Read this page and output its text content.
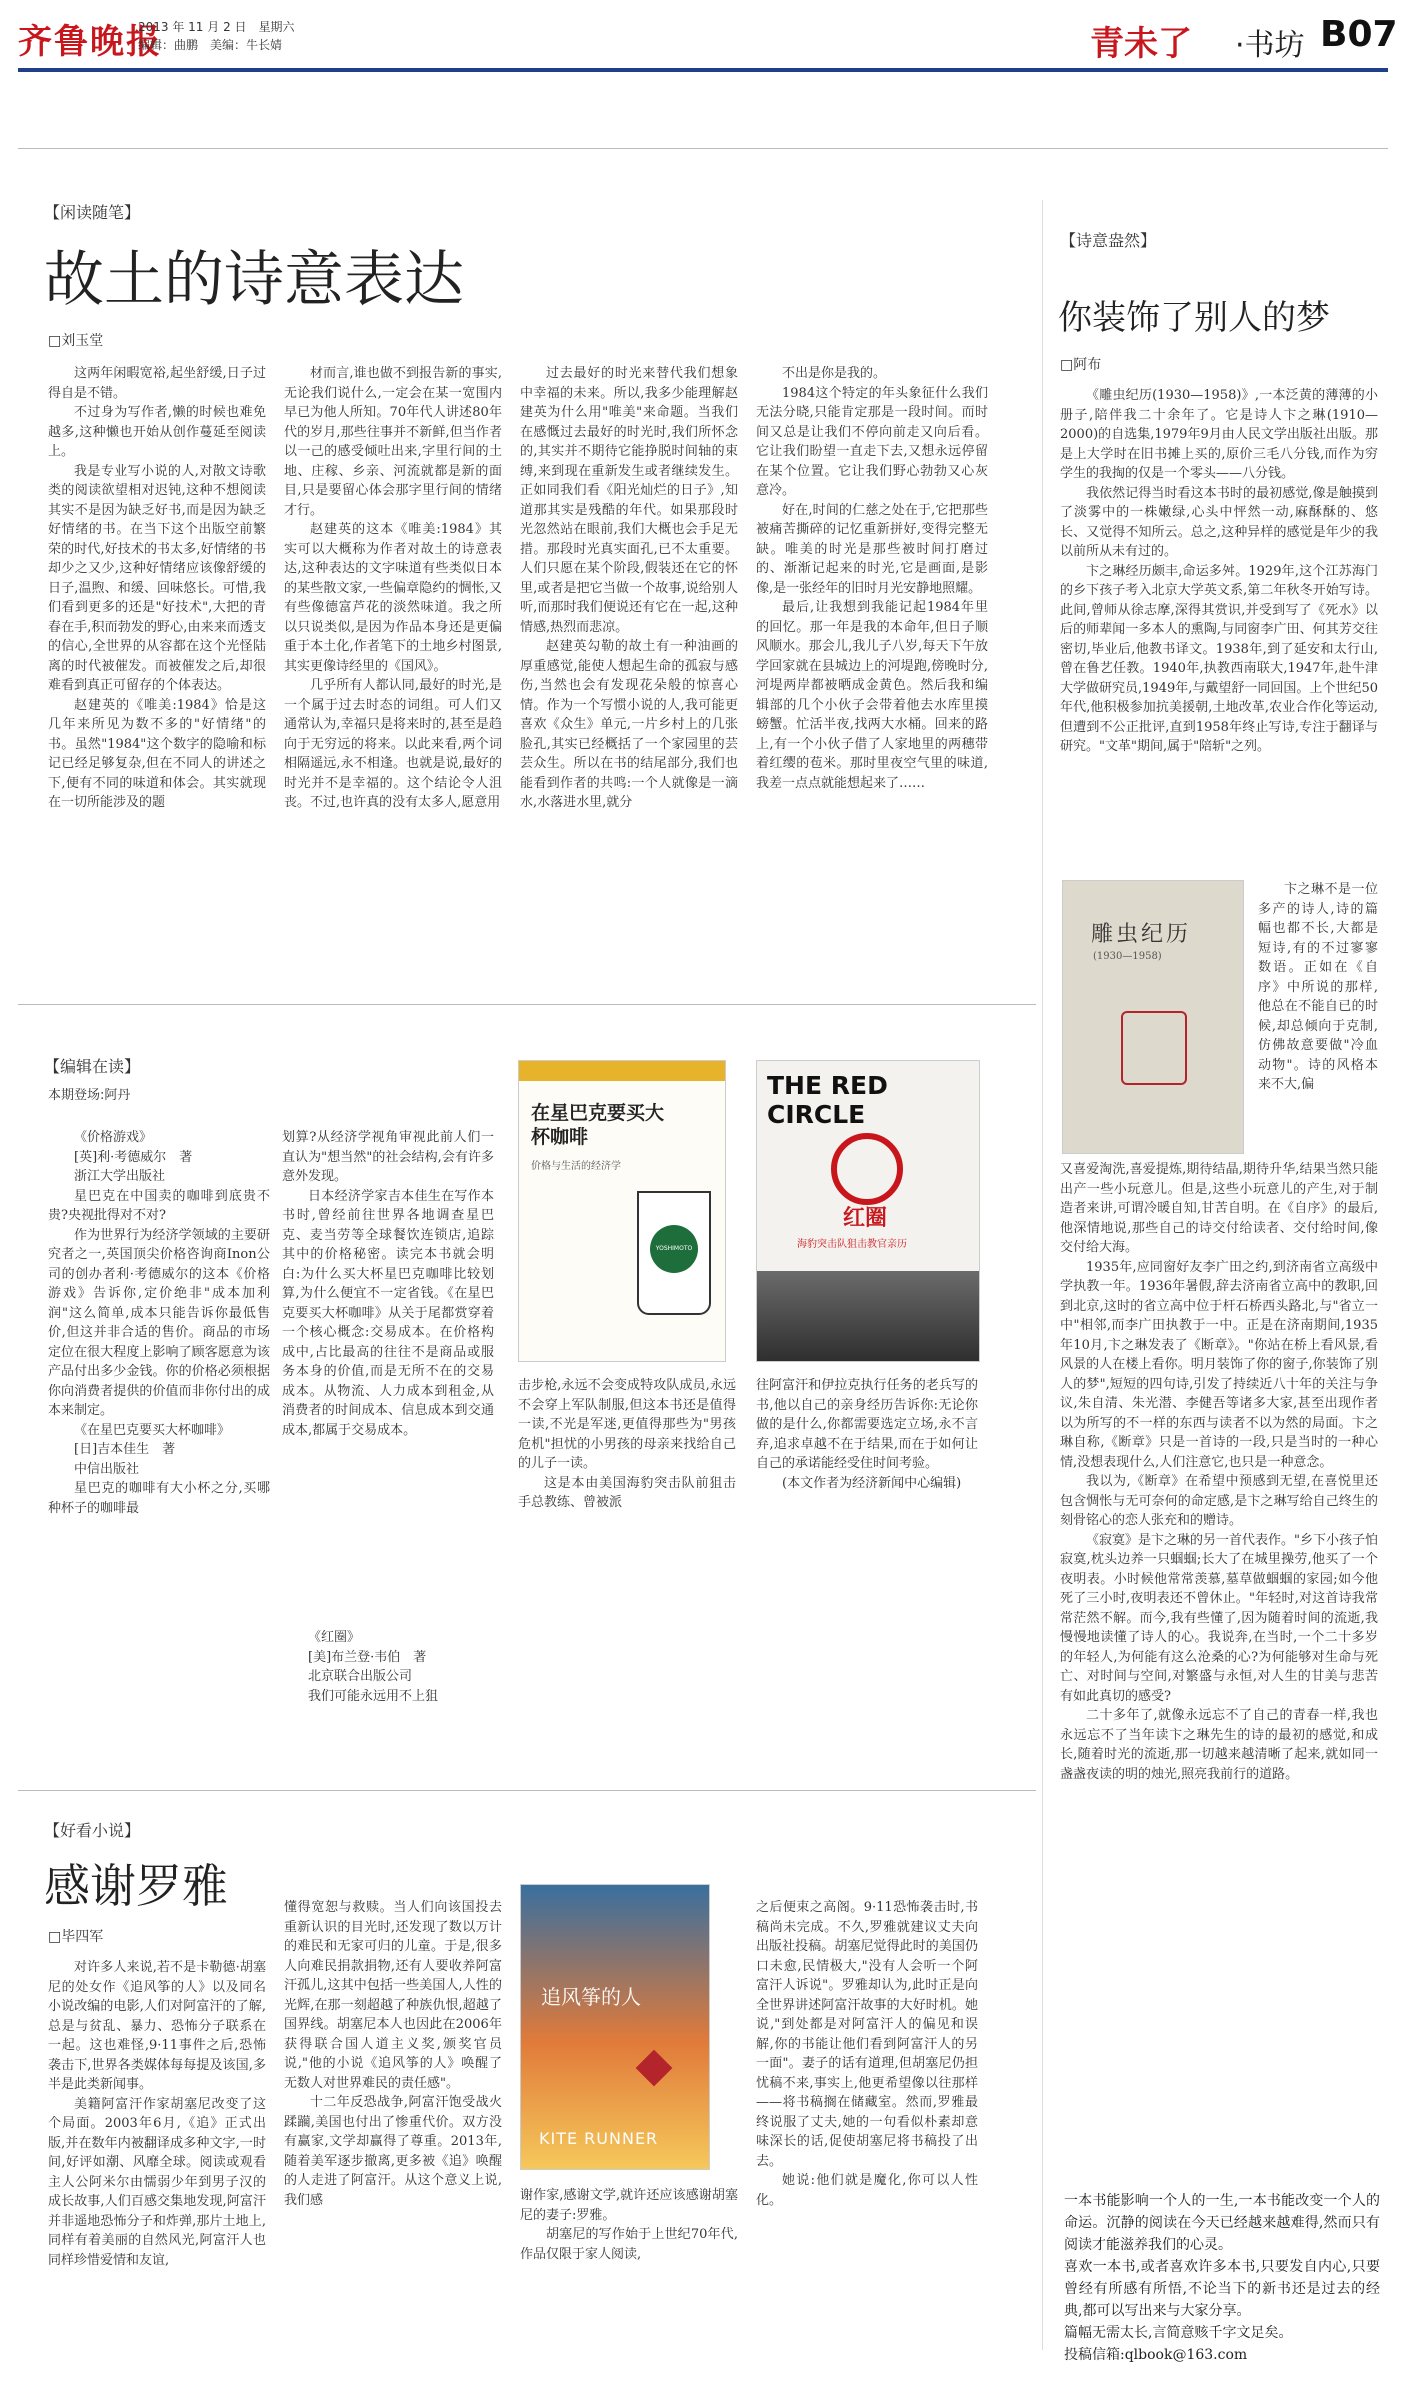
齐鲁晚报
2013 年 11 月 2 日　星期六
编辑：曲鹏　美编：牛长婧	青未了 ·书坊 B07
【闲读随笔】
故土的诗意表达
□刘玉堂

这两年闲暇宽裕,起坐舒缓,日子过得自是不错。

不过身为写作者,懒的时候也难免越多,这种懒也开始从创作蔓延至阅读上。

我是专业写小说的人,对散文诗歌类的阅读欲望相对迟钝,这种不想阅读其实不是因为缺乏好书,而是因为缺乏好情绪的书。在当下这个出版空前繁荣的时代,好技术的书太多,好情绪的书却少之又少,这种好情绪应该像舒缓的日子,温煦、和缓、回味悠长。可惜,我们看到更多的还是"好技术",大把的青春在手,积而勃发的野心,由来来而透支的信心,全世界的从容都在这个光怪陆离的时代被催发。而被催发之后,却很难看到真正可留存的个体表达。

赵建英的《唯美:1984》恰是这几年来所见为数不多的"好情绪"的书。虽然"1984"这个数字的隐喻和标记已经足够复杂,但在不同人的讲述之下,便有不同的味道和体会。其实就现在一切所能涉及的题

材而言,谁也做不到报告新的事实,无论我们说什么,一定会在某一宽围内早已为他人所知。70年代人讲述80年代的岁月,那些往事并不新鲜,但当作者以一己的感受倾吐出来,字里行间的土地、庄稼、乡亲、河流就都是新的面目,只是要留心体会那字里行间的情绪才行。

赵建英的这本《唯美:1984》其实可以大概称为作者对故土的诗意表达,这种表达的文字味道有些类似日本的某些散文家,一些偏章隐约的惆怅,又有些像德富芦花的淡然味道。我之所以只说类似,是因为作品本身还是更偏重于本土化,作者笔下的土地乡村图景,其实更像诗经里的《国风》。

几乎所有人都认同,最好的时光,是一个属于过去时态的词组。可人们又通常认为,幸福只是将来时的,甚至是趋向于无穷远的将来。以此来看,两个词相隔遥远,永不相逢。也就是说,最好的时光并不是幸福的。这个结论令人沮丧。不过,也许真的没有太多人,愿意用

过去最好的时光来替代我们想象中幸福的未来。所以,我多少能理解赵建英为什么用"唯美"来命题。当我们在感慨过去最好的时光时,我们所怀念的,其实并不期待它能挣脱时间轴的束缚,来到现在重新发生或者继续发生。正如同我们看《阳光灿烂的日子》,知道那其实是残酷的年代。如果那段时光忽然站在眼前,我们大概也会手足无措。那段时光真实面孔,已不太重要。人们只愿在某个阶段,假装还在它的怀里,或者是把它当做一个故事,说给别人听,而那时我们便说还有它在一起,这种情感,热烈而悲凉。

赵建英勾勒的故土有一种油画的厚重感觉,能使人想起生命的孤寂与感伤,当然也会有发现花朵般的惊喜心情。作为一个写惯小说的人,我可能更喜欢《众生》单元,一片乡村上的几张脸孔,其实已经概括了一个家园里的芸芸众生。所以在书的结尾部分,我们也能看到作者的共鸣:一个人就像是一滴水,水落进水里,就分

不出是你是我的。

1984这个特定的年头象征什么我们无法分晓,只能肯定那是一段时间。而时间又总是让我们不停向前走又向后看。它让我们盼望一直走下去,又想永远停留在某个位置。它让我们野心勃勃又心灰意冷。

好在,时间的仁慈之处在于,它把那些被痛苦撕碎的记忆重新拼好,变得完整无缺。唯美的时光是那些被时间打磨过的、渐渐记起来的时光,它是画面,是影像,是一张经年的旧时月光安静地照耀。

最后,让我想到我能记起1984年里的回忆。那一年是我的本命年,但日子顺风顺水。那会儿,我儿子八岁,每天下午放学回家就在县城边上的河堤跑,傍晚时分,河堤两岸都被晒成金黄色。然后我和编辑部的几个小伙子会带着他去水库里摸螃蟹。忙活半夜,找两大水桶。回来的路上,有一个小伙子借了人家地里的两穗带着红缨的苞米。那时里夜空气里的味道,我差一点点就能想起来了……

【诗意盎然】
你装饰了别人的梦
□阿布

《雕虫纪历(1930—1958)》,一本泛黄的薄薄的小册子,陪伴我二十余年了。它是诗人卞之琳(1910—2000)的自选集,1979年9月由人民文学出版社出版。那是上大学时在旧书摊上买的,原价三毛八分钱,而作为穷学生的我掏的仅是一个零头——八分钱。

我依然记得当时看这本书时的最初感觉,像是触摸到了淡雾中的一株嫩绿,心头中怦然一动,麻酥酥的、悠长、又觉得不知所云。总之,这种异样的感觉是年少的我以前所从未有过的。

卞之琳经历颇丰,命运多舛。1929年,这个江苏海门的乡下孩子考入北京大学英文系,第二年秋冬开始写诗。此间,曾师从徐志摩,深得其赏识,并受到写了《死水》以后的师辈闻一多本人的熏陶,与同窗李广田、何其芳交往密切,毕业后,他教书译文。1938年,到了延安和太行山,曾在鲁艺任教。1940年,执教西南联大,1947年,赴牛津大学做研究员,1949年,与戴望舒一同回国。上个世纪50年代,他积极参加抗美援朝,土地改革,农业合作化等运动,但遭到不公正批评,直到1958年终止写诗,专注于翻译与研究。"文革"期间,属于"陪斩"之列。

雕虫纪历
(1930—1958)

卞之琳不是一位多产的诗人,诗的篇幅也都不长,大都是短诗,有的不过寥寥数语。正如在《自序》中所说的那样,他总在不能自已的时候,却总倾向于克制,仿佛故意要做"冷血动物"。诗的风格本来不大,偏

又喜爱淘洗,喜爱提炼,期待结晶,期待升华,结果当然只能出产一些小玩意儿。但是,这些小玩意儿的产生,对于制造者来讲,可谓冷暖自知,甘苦自明。在《自序》的最后,他深情地说,那些自己的诗交付给读者、交付给时间,像交付给大海。

1935年,应同窗好友李广田之约,到济南省立高级中学执教一年。1936年暑假,辞去济南省立高中的教职,回到北京,这时的省立高中位于杆石桥西头路北,与"省立一中"相邻,而李广田执教于一中。正是在济南期间,1935年10月,卞之琳发表了《断章》。"你站在桥上看风景,看风景的人在楼上看你。明月装饰了你的窗子,你装饰了别人的梦",短短的四句诗,引发了持续近八十年的关注与争议,朱自清、朱光潜、李健吾等诸多大家,甚至出现作者以为所写的不一样的东西与读者不以为然的局面。卞之琳自称,《断章》只是一首诗的一段,只是当时的一种心情,没想表现什么,人们注意它,也只是一种意念。

我以为,《断章》在希望中预感到无望,在喜悦里还包含惆怅与无可奈何的命定感,是卞之琳写给自己终生的刻骨铭心的恋人张充和的赠诗。

《寂寞》是卞之琳的另一首代表作。"乡下小孩子怕寂寞,枕头边养一只蝈蝈;长大了在城里操劳,他买了一个夜明表。小时候他常常羡慕,墓草做蝈蝈的家园;如今他死了三小时,夜明表还不曾休止。"年轻时,对这首诗我常常茫然不解。而今,我有些懂了,因为随着时间的流逝,我慢慢地读懂了诗人的心。我说奔,在当时,一个二十多岁的年轻人,为何能有这么沧桑的心?为何能够对生命与死亡、对时间与空间,对繁盛与永恒,对人生的甘美与悲苦有如此真切的感受?

二十多年了,就像永远忘不了自己的青春一样,我也永远忘不了当年读卞之琳先生的诗的最初的感觉,和成长,随着时光的流逝,那一切越来越清晰了起来,就如同一盏盏夜读的明的烛光,照亮我前行的道路。

一本书能影响一个人的一生,一本书能改变一个人的命运。沉静的阅读在今天已经越来越难得,然而只有阅读才能滋养我们的心灵。
喜欢一本书,或者喜欢许多本书,只要发自内心,只要曾经有所感有所悟,不论当下的新书还是过去的经典,都可以写出来与大家分享。
篇幅无需太长,言简意赅千字文足矣。
投稿信箱:qlbook@163.com
【编辑在读】
本期登场:阿丹

《价格游戏》

[英]利·考德威尔　著

浙江大学出版社

星巴克在中国卖的咖啡到底贵不贵?央视批得对不对?

作为世界行为经济学领域的主要研究者之一,英国顶尖价格咨询商Inon公司的创办者利·考德威尔的这本《价格游戏》告诉你,定价绝非"成本加利润"这么简单,成本只能告诉你最低售价,但这并非合适的售价。商品的市场定位在很大程度上影响了顾客愿意为该产品付出多少金钱。你的价格必须根据你向消费者提供的价值而非你付出的成本来制定。

《在星巴克要买大杯咖啡》

[日]吉本佳生　著

中信出版社

星巴克的咖啡有大小杯之分,买哪种杯子的咖啡最

划算?从经济学视角审视此前人们一直认为"想当然"的社会结构,会有许多意外发现。

日本经济学家吉本佳生在写作本书时,曾经前往世界各地调查星巴克、麦当劳等全球餐饮连锁店,追踪其中的价格秘密。读完本书就会明白:为什么买大杯星巴克咖啡比较划算,为什么便宜不一定省钱。《在星巴克要买大杯咖啡》从关于尾都赏穿着一个核心概念:交易成本。在价格构成中,占比最高的往往不是商品或服务本身的价值,而是无所不在的交易成本。从物流、人力成本到租金,从消费者的时间成本、信息成本到交通成本,都属于交易成本。

《红圈》

[美]布兰登·韦伯　著

北京联合出版公司

我们可能永远用不上狙

在星巴克要买大杯咖啡
价格与生活的经济学
YOSHIMOTO YOSHIO
THE RED CIRCLE
红圈
海豹突击队狙击教官亲历

击步枪,永远不会变成特攻队成员,永远不会穿上军队制服,但这本书还是值得一读,不光是军迷,更值得那些为"男孩危机"担忧的小男孩的母亲来找给自己的儿子一读。

这是本由美国海豹突击队前狙击手总教练、曾被派

往阿富汗和伊拉克执行任务的老兵写的书,他以自己的亲身经历告诉你:无论你做的是什么,你都需要选定立场,永不言弃,追求卓越不在于结果,而在于如何让自己的承诺能经受住时间考验。

(本文作者为经济新闻中心编辑)

【好看小说】
感谢罗雅
□毕四军

对许多人来说,若不是卡勒德·胡塞尼的处女作《追风筝的人》以及同名小说改编的电影,人们对阿富汗的了解,总是与贫乱、暴力、恐怖分子联系在一起。这也难怪,9·11事件之后,恐怖袭击下,世界各类媒体每每提及该国,多半是此类新闻事。

美籍阿富汗作家胡塞尼改变了这个局面。2003年6月,《追》正式出版,并在数年内被翻译成多种文字,一时间,好评如潮、风靡全球。阅读或观看主人公阿米尔由懦弱少年到男子汉的成长故事,人们百感交集地发现,阿富汗并非遥地恐怖分子和炸弹,那片土地上,同样有着美丽的自然风光,阿富汗人也同样珍惜爱情和友谊,

懂得宽恕与救赎。当人们向该国投去重新认识的目光时,还发现了数以万计的难民和无家可归的儿童。于是,很多人向难民捐款捐物,还有人要收养阿富汗孤儿,这其中包括一些美国人,人性的光辉,在那一刻超越了种族仇恨,超越了国界线。胡塞尼本人也因此在2006年获得联合国人道主义奖,颁奖官员说,"他的小说《追风筝的人》唤醒了无数人对世界难民的责任感"。

十二年反恐战争,阿富汗饱受战火蹂躏,美国也付出了惨重代价。双方没有赢家,文学却赢得了尊重。2013年,随着美军逐步撤离,更多被《追》唤醒的人走进了阿富汗。从这个意义上说,我们感

追风筝的人
KITE RUNNER

谢作家,感谢文学,就许还应该感谢胡塞尼的妻子:罗雅。

胡塞尼的写作始于上世纪70年代,作品仅限于家人阅读,

之后便束之高阁。9·11恐怖袭击时,书稿尚未完成。不久,罗雅就建议丈夫向出版社投稿。胡塞尼觉得此时的美国仍口未愈,民情极大,"没有人会听一个阿富汗人诉说"。罗雅却认为,此时正是向全世界讲述阿富汗故事的大好时机。她说,"到处都是对阿富汗人的偏见和误解,你的书能让他们看到阿富汗人的另一面"。妻子的话有道理,但胡塞尼仍担忧稿不来,事实上,他更希望像以往那样——将书稿搁在储藏室。然而,罗雅最终说服了丈夫,她的一句看似朴素却意味深长的话,促使胡塞尼将书稿投了出去。

她说:他们就是魔化,你可以人性化。
